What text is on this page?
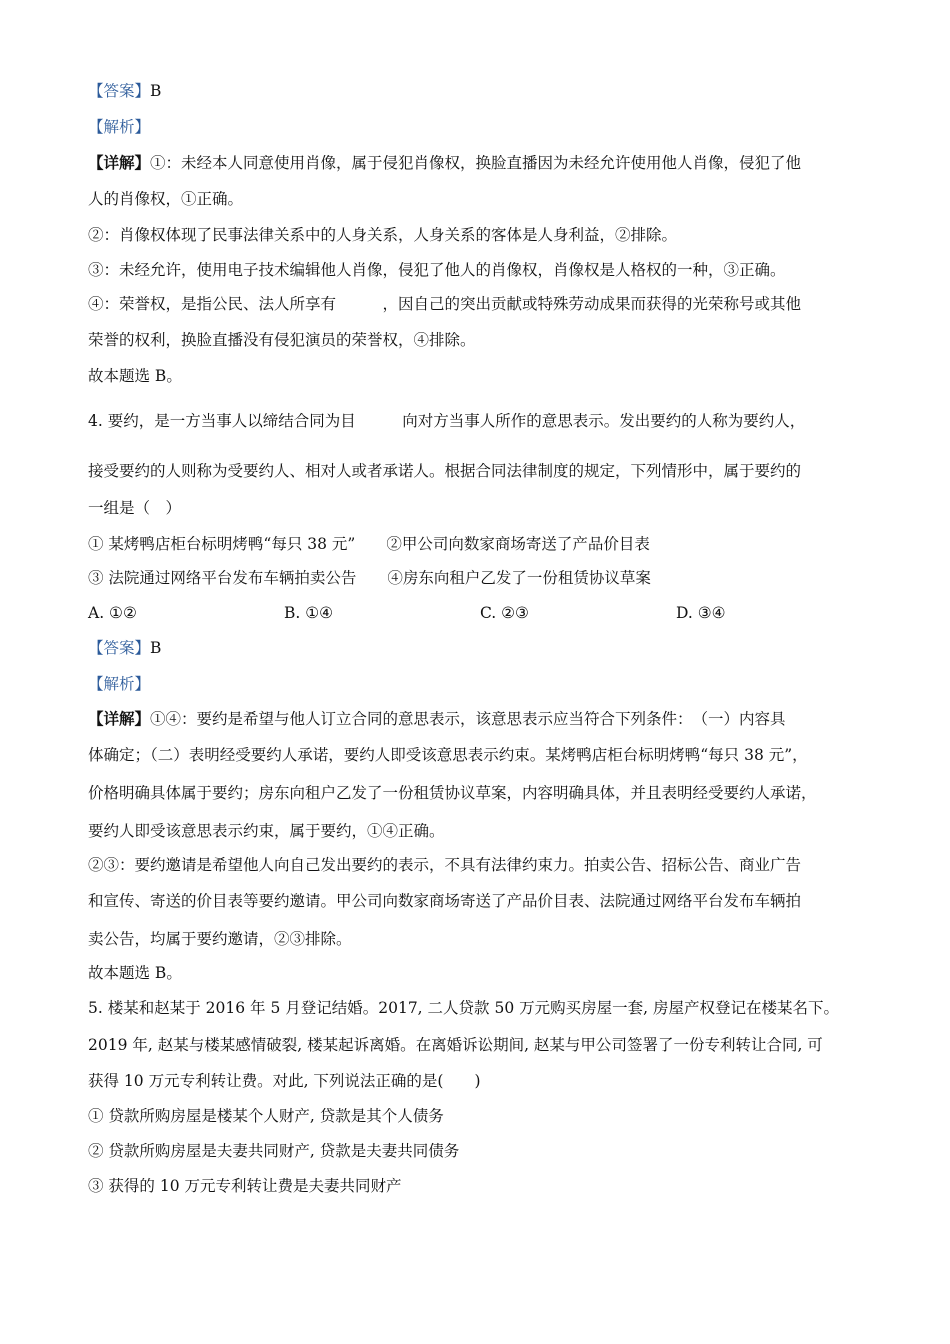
【答案】B
【解析】
【详解】①：未经本人同意使用肖像，属于侵犯肖像权，换脸直播因为未经允许使用他人肖像，侵犯了他
人的肖像权，①正确。
②：肖像权体现了民事法律关系中的人身关系，人身关系的客体是人身利益，②排除。
③：未经允许，使用电子技术编辑他人肖像，侵犯了他人的肖像权，肖像权是人格权的一种，③正确。
④：荣誉权，是指公民、法人所享有　　　，因自己的突出贡献或特殊劳动成果而获得的光荣称号或其他
荣誉的权利，换脸直播没有侵犯演员的荣誉权，④排除。
故本题选 B。
4. 要约，是一方当事人以缔结合同为目　　　向对方当事人所作的意思表示。发出要约的人称为要约人，
接受要约的人则称为受要约人、相对人或者承诺人。根据合同法律制度的规定，下列情形中，属于要约的
一组是（　）
① 某烤鸭店柜台标明烤鸭“每只 38 元”　　②甲公司向数家商场寄送了产品价目表
③ 法院通过网络平台发布车辆拍卖公告　　④房东向租户乙发了一份租赁协议草案
A. ①②	B. ①④	C. ②③	D. ③④
【答案】B
【解析】
【详解】①④：要约是希望与他人订立合同的意思表示，该意思表示应当符合下列条件：　（一）内容具
体确定；（二）表明经受要约人承诺，要约人即受该意思表示约束。某烤鸭店柜台标明烤鸭“每只 38 元”，
价格明确具体属于要约；房东向租户乙发了一份租赁协议草案，内容明确具体，并且表明经受要约人承诺，
要约人即受该意思表示约束，属于要约，①④正确。
②③：要约邀请是希望他人向自己发出要约的表示，不具有法律约束力。拍卖公告、招标公告、商业广告
和宣传、寄送的价目表等要约邀请。甲公司向数家商场寄送了产品价目表、法院通过网络平台发布车辆拍
卖公告，均属于要约邀请，②③排除。
故本题选 B。
5. 楼某和赵某于 2016 年 5 月登记结婚。2017, 二人贷款 50 万元购买房屋一套, 房屋产权登记在楼某名下。
2019 年, 赵某与楼某感情破裂, 楼某起诉离婚。在离婚诉讼期间, 赵某与甲公司签署了一份专利转让合同, 可
获得 10 万元专利转让费。对此, 下列说法正确的是(　　)
① 贷款所购房屋是楼某个人财产, 贷款是其个人债务
② 贷款所购房屋是夫妻共同财产, 贷款是夫妻共同债务
③ 获得的 10 万元专利转让费是夫妻共同财产
